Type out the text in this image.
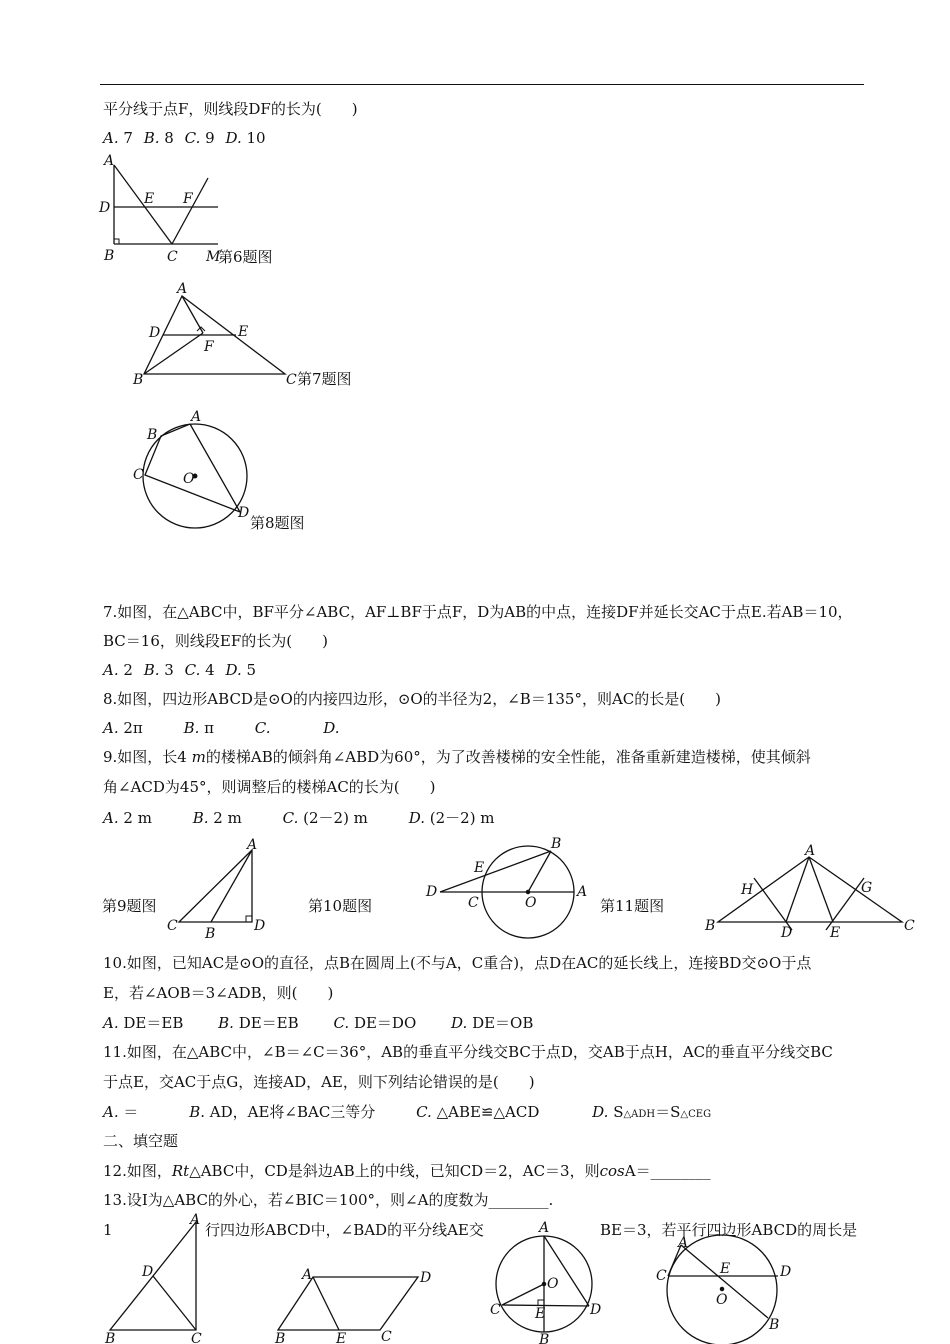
平分线于点F，则线段DF的长为(　　)
A. 7 B. 8 C. 9 D. 10
A
D
E F
B	C M
第6题图
A
D	E
F
B	C 第7题图
A
B
C	O
D
第8题图
7.如图，在△ABC中，BF平分∠ABC，AF⊥BF于点F，D为AB的中点，连接DF并延长交AC于点E.若AB＝10，
BC＝16，则线段EF的长为(　　)
A. 2 B. 3 C. 4 D. 5
8.如图，四边形ABCD是⊙O的内接四边形，⊙O的半径为2，∠B＝135°，则AC的长是(　　)
A. 2π	B. π	C.	D.
9.如图，长4 m的楼梯AB的倾斜角∠ABD为60°，为了改善楼梯的安全性能，准备重新建造楼梯，使其倾斜
角∠ACD为45°，则调整后的楼梯AC的长为(　　)
A. 2 m	B. 2 m	C. (2－2) m	D. (2－2) m
第9题图
A
C B	D
第10题图
B
E
D
C	O
A
第11题图
A
H	G
B	D	E	C
10.如图，已知AC是⊙O的直径，点B在圆周上(不与A，C重合)，点D在AC的延长线上，连接BD交⊙O于点
E，若∠AOB＝3∠ADB，则(　　)
A. DE＝EB B. DE＝EB C. DE＝DO D. DE＝OB
11.如图，在△ABC中，∠B＝∠C＝36°，AB的垂直平分线交BC于点D，交AB于点H，AC的垂直平分线交BC
于点E，交AC于点G，连接AD，AE，则下列结论错误的是(　　)
A. ＝	B. AD，AE将∠BAC三等分	C. △ABE≌△ACD	D. S△ADH＝S△CEG
二、填空题
12.如图，Rt△ABC中，CD是斜边AB上的中线，已知CD＝2，AC＝3，则cosA＝________
13.设I为△ABC的外心，若∠BIC＝100°，则∠A的度数为________.
1	行四边形ABCD中，∠BAD的平分线AE交	BE＝3，若平行四边形ABCD的周长是
A
D
B	C
A	D
B	E C
A
O
C E	D
B
A
C	E	D
O
B
